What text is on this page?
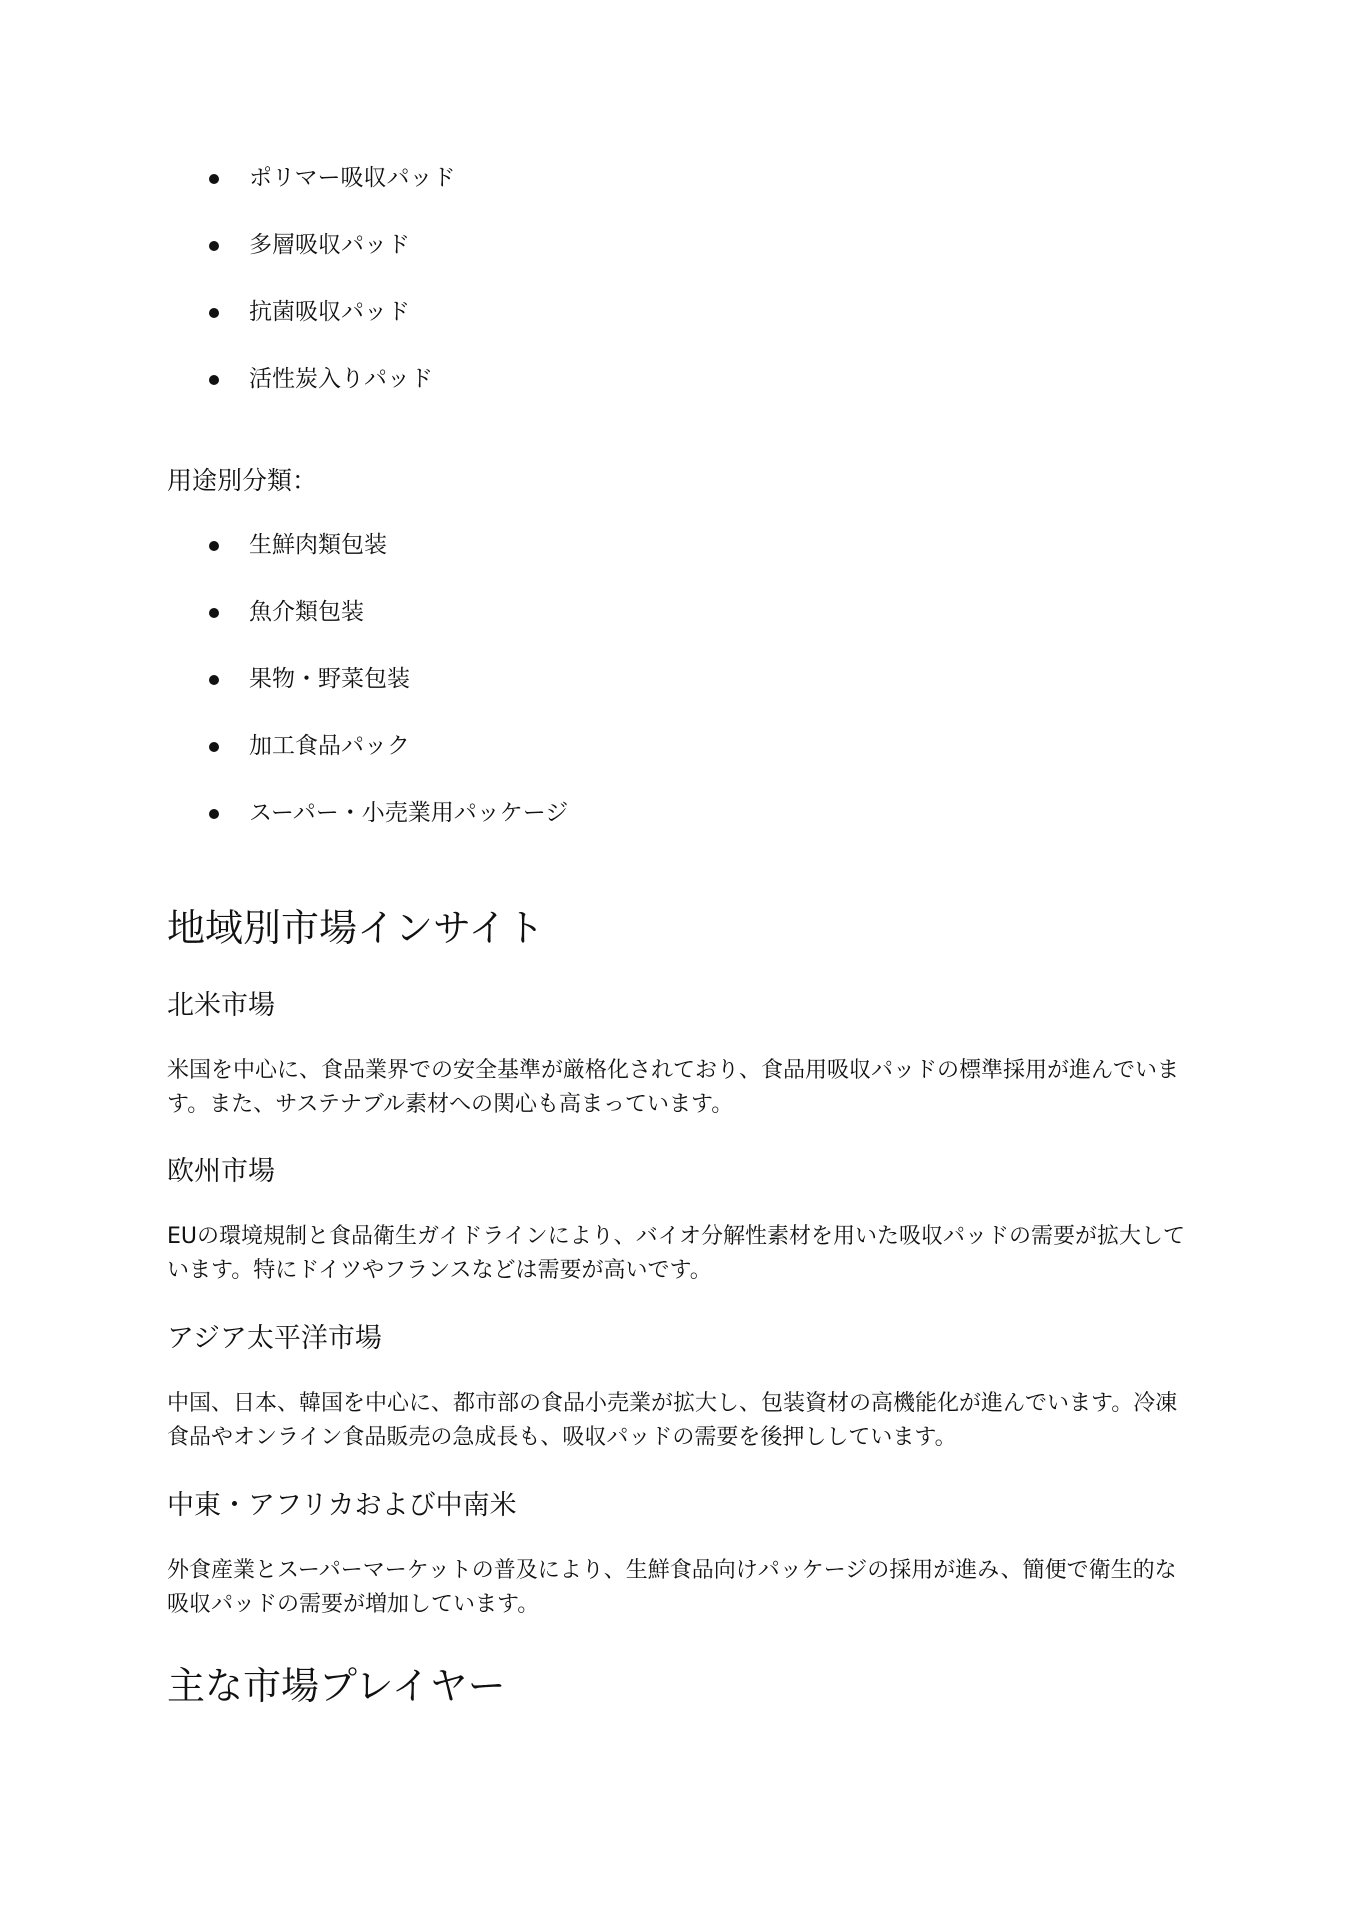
ポリマー吸収パッド
多層吸収パッド
抗菌吸収パッド
活性炭入りパッド

用途別分類：

生鮮肉類包装
魚介類包装
果物・野菜包装
加工食品パック
スーパー・小売業用パッケージ
地域別市場インサイト
北米市場

米国を中心に、食品業界での安全基準が厳格化されており、食品用吸収パッドの標準採用が進んでいます。また、サステナブル素材への関心も高まっています。

欧州市場

EUの環境規制と食品衛生ガイドラインにより、バイオ分解性素材を用いた吸収パッドの需要が拡大しています。特にドイツやフランスなどは需要が高いです。

アジア太平洋市場

中国、日本、韓国を中心に、都市部の食品小売業が拡大し、包装資材の高機能化が進んでいます。冷凍食品やオンライン食品販売の急成長も、吸収パッドの需要を後押ししています。

中東・アフリカおよび中南米

外食産業とスーパーマーケットの普及により、生鮮食品向けパッケージの採用が進み、簡便で衛生的な吸収パッドの需要が増加しています。

主な市場プレイヤー
